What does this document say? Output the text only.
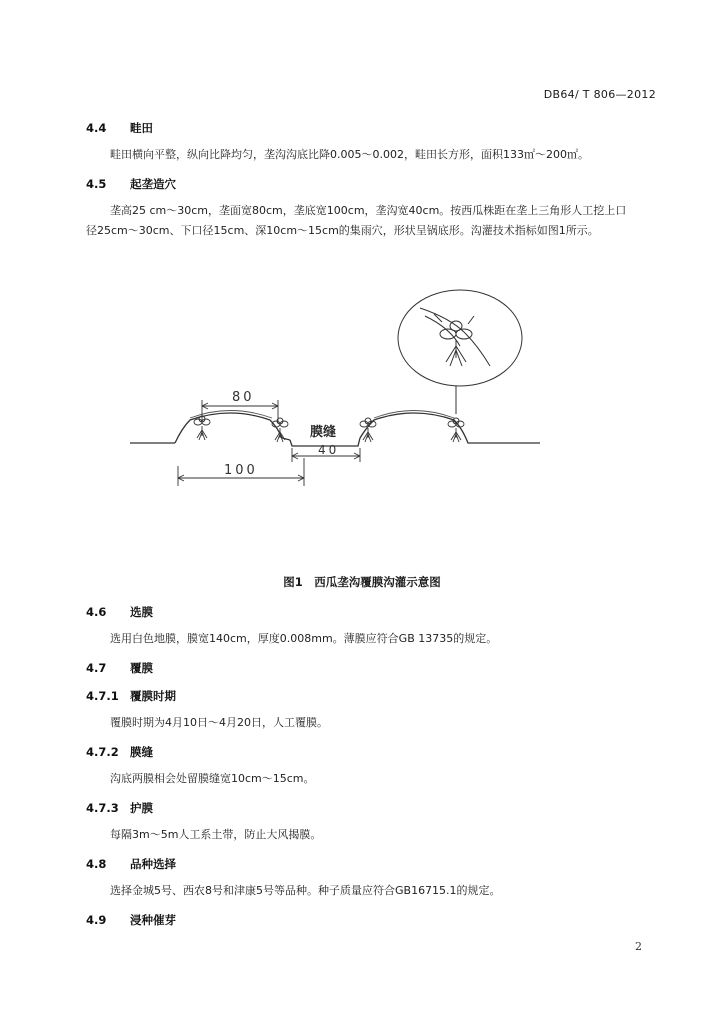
DB64/ T 806—2012
4.4 畦田
畦田横向平整，纵向比降均匀，垄沟沟底比降0.005～0.002，畦田长方形，面积133㎡～200㎡。
4.5 起垄造穴
垄高25 cm～30cm，垄面宽80cm，垄底宽100cm，垄沟宽40cm。按西瓜株距在垄上三角形人工挖上口
径25cm～30cm、下口径15cm、深10cm～15cm的集雨穴，形状呈锅底形。沟灌技术指标如图1所示。
80
100
40
膜缝
图1　西瓜垄沟覆膜沟灌示意图
4.6 选膜
选用白色地膜，膜宽140cm，厚度0.008mm。薄膜应符合GB 13735的规定。
4.7 覆膜
4.7.1 覆膜时期
覆膜时期为4月10日～4月20日，人工覆膜。
4.7.2 膜缝
沟底两膜相会处留膜缝宽10cm～15cm。
4.7.3 护膜
每隔3m～5m人工系土带，防止大风揭膜。
4.8 品种选择
选择金城5号、西农8号和津康5号等品种。种子质量应符合GB16715.1的规定。
4.9 浸种催芽
2
